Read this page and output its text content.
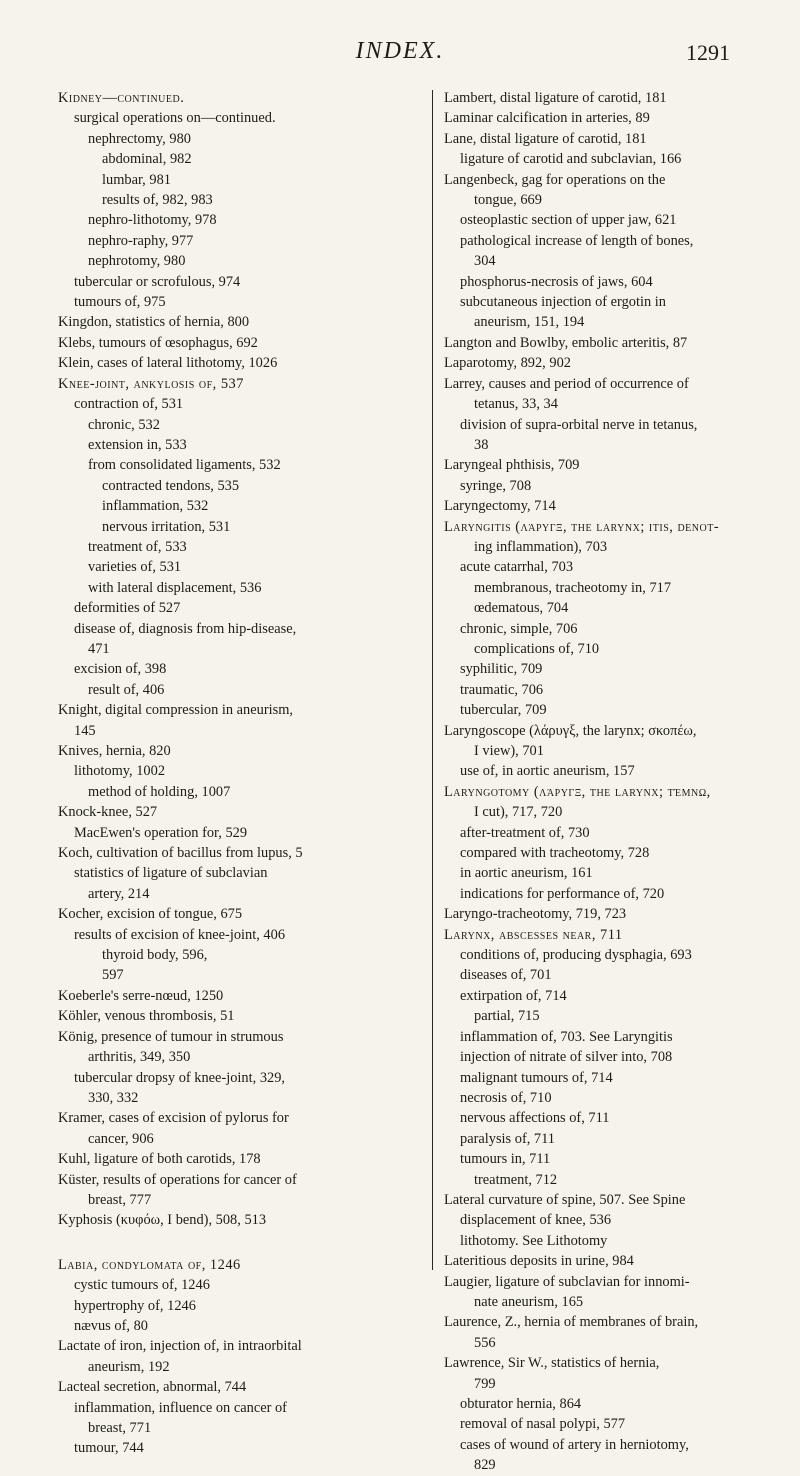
INDEX.	1291
Kidney—continued.
surgical operations on—continued.
nephrectomy, 980
abdominal, 982
lumbar, 981
results of, 982, 983
nephro-lithotomy, 978
nephro-raphy, 977
nephrotomy, 980
tubercular or scrofulous, 974
tumours of, 975
Kingdon, statistics of hernia, 800
Klebs, tumours of œsophagus, 692
Klein, cases of lateral lithotomy, 1026
Knee-joint, ankylosis of, 537
contraction of, 531
chronic, 532
extension in, 533
from consolidated ligaments, 532
contracted tendons, 535
inflammation, 532
nervous irritation, 531
treatment of, 533
varieties of, 531
with lateral displacement, 536
deformities of 527
disease of, diagnosis from hip-disease,
471
excision of, 398
result of, 406
Knight, digital compression in aneurism,
145
Knives, hernia, 820
lithotomy, 1002
method of holding, 1007
Knock-knee, 527
MacEwen's operation for, 529
Koch, cultivation of bacillus from lupus, 5
statistics of ligature of subclavian
artery, 214
Kocher, excision of tongue, 675
results of excision of knee-joint, 406
thyroid body, 596,
597
Koeberle's serre-nœud, 1250
Köhler, venous thrombosis, 51
König, presence of tumour in strumous
arthritis, 349, 350
tubercular dropsy of knee-joint, 329,
330, 332
Kramer, cases of excision of pylorus for
cancer, 906
Kuhl, ligature of both carotids, 178
Küster, results of operations for cancer of
breast, 777
Kyphosis (κυφόω, I bend), 508, 513
Labia, condylomata of, 1246
cystic tumours of, 1246
hypertrophy of, 1246
nævus of, 80
Lactate of iron, injection of, in intraorbital
aneurism, 192
Lacteal secretion, abnormal, 744
inflammation, influence on cancer of
breast, 771
tumour, 744
Lambert, distal ligature of carotid, 181
Laminar calcification in arteries, 89
Lane, distal ligature of carotid, 181
ligature of carotid and subclavian, 166
Langenbeck, gag for operations on the
tongue, 669
osteoplastic section of upper jaw, 621
pathological increase of length of bones,
304
phosphorus-necrosis of jaws, 604
subcutaneous injection of ergotin in
aneurism, 151, 194
Langton and Bowlby, embolic arteritis, 87
Laparotomy, 892, 902
Larrey, causes and period of occurrence of
tetanus, 33, 34
division of supra-orbital nerve in tetanus,
38
Laryngeal phthisis, 709
syringe, 708
Laryngectomy, 714
Laryngitis (λάρυγξ, the larynx; itis, denot-
ing inflammation), 703
acute catarrhal, 703
membranous, tracheotomy in, 717
œdematous, 704
chronic, simple, 706
complications of, 710
syphilitic, 709
traumatic, 706
tubercular, 709
Laryngoscope (λάρυγξ, the larynx; σκοπέω,
I view), 701
use of, in aortic aneurism, 157
Laryngotomy (λάρυγξ, the larynx; τέμνω,
I cut), 717, 720
after-treatment of, 730
compared with tracheotomy, 728
in aortic aneurism, 161
indications for performance of, 720
Laryngo-tracheotomy, 719, 723
Larynx, abscesses near, 711
conditions of, producing dysphagia, 693
diseases of, 701
extirpation of, 714
partial, 715
inflammation of, 703. See Laryngitis
injection of nitrate of silver into, 708
malignant tumours of, 714
necrosis of, 710
nervous affections of, 711
paralysis of, 711
tumours in, 711
treatment, 712
Lateral curvature of spine, 507. See Spine
displacement of knee, 536
lithotomy. See Lithotomy
Lateritious deposits in urine, 984
Laugier, ligature of subclavian for innomi-
nate aneurism, 165
Laurence, Z., hernia of membranes of brain,
556
Lawrence, Sir W., statistics of hernia,
799
obturator hernia, 864
removal of nasal polypi, 577
cases of wound of artery in herniotomy,
829
